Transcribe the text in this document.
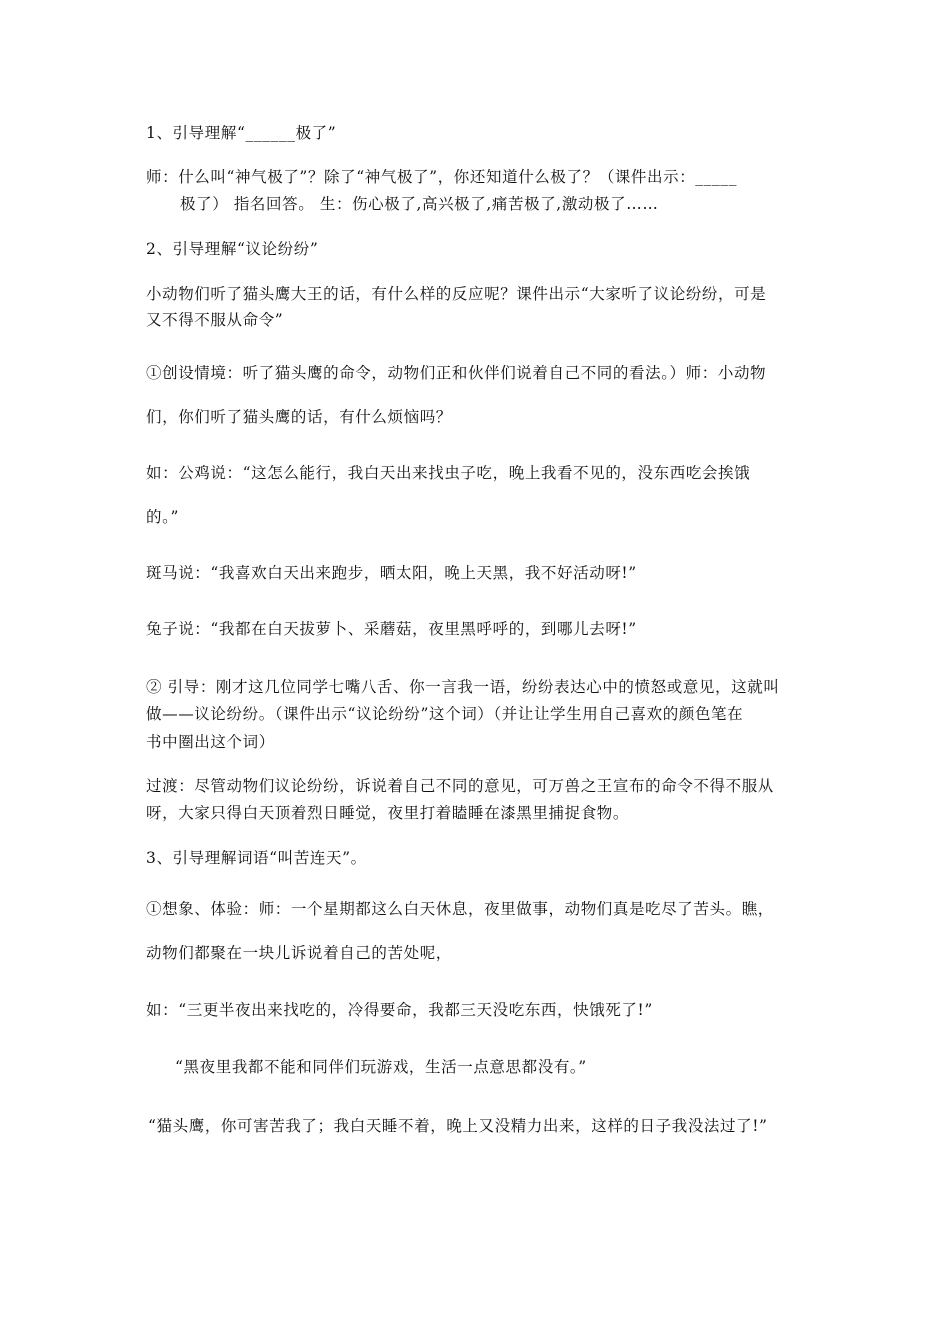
1、引导理解“______极了”
师：什么叫“神气极了”？除了“神气极了”，你还知道什么极了？（课件出示：_____
极了） 指名回答。 生：伤心极了,高兴极了,痛苦极了,激动极了……
2、引导理解“议论纷纷”
小动物们听了猫头鹰大王的话，有什么样的反应呢？课件出示“大家听了议论纷纷，可是
又不得不服从命令”
①创设情境：听了猫头鹰的命令，动物们正和伙伴们说着自己不同的看法。）师：小动物
们，你们听了猫头鹰的话，有什么烦恼吗？
如：公鸡说：“这怎么能行，我白天出来找虫子吃，晚上我看不见的，没东西吃会挨饿
的。”
斑马说：“我喜欢白天出来跑步，晒太阳，晚上天黑，我不好活动呀!”
兔子说：“我都在白天拔萝卜、采蘑菇，夜里黑呼呼的，到哪儿去呀!”
② 引导：刚才这几位同学七嘴八舌、你一言我一语，纷纷表达心中的愤怒或意见，这就叫
做——议论纷纷。（课件出示“议论纷纷”这个词）（并让让学生用自己喜欢的颜色笔在
书中圈出这个词）
过渡：尽管动物们议论纷纷，诉说着自己不同的意见，可万兽之王宣布的命令不得不服从
呀，大家只得白天顶着烈日睡觉，夜里打着瞌睡在漆黑里捕捉食物。
3、引导理解词语“叫苦连天”。
①想象、体验：师：一个星期都这么白天休息，夜里做事，动物们真是吃尽了苦头。瞧，
动物们都聚在一块儿诉说着自己的苦处呢，
如：“三更半夜出来找吃的，冷得要命，我都三天没吃东西，快饿死了!”
“黑夜里我都不能和同伴们玩游戏，生活一点意思都没有。”
“猫头鹰，你可害苦我了；我白天睡不着，晚上又没精力出来，这样的日子我没法过了!”
